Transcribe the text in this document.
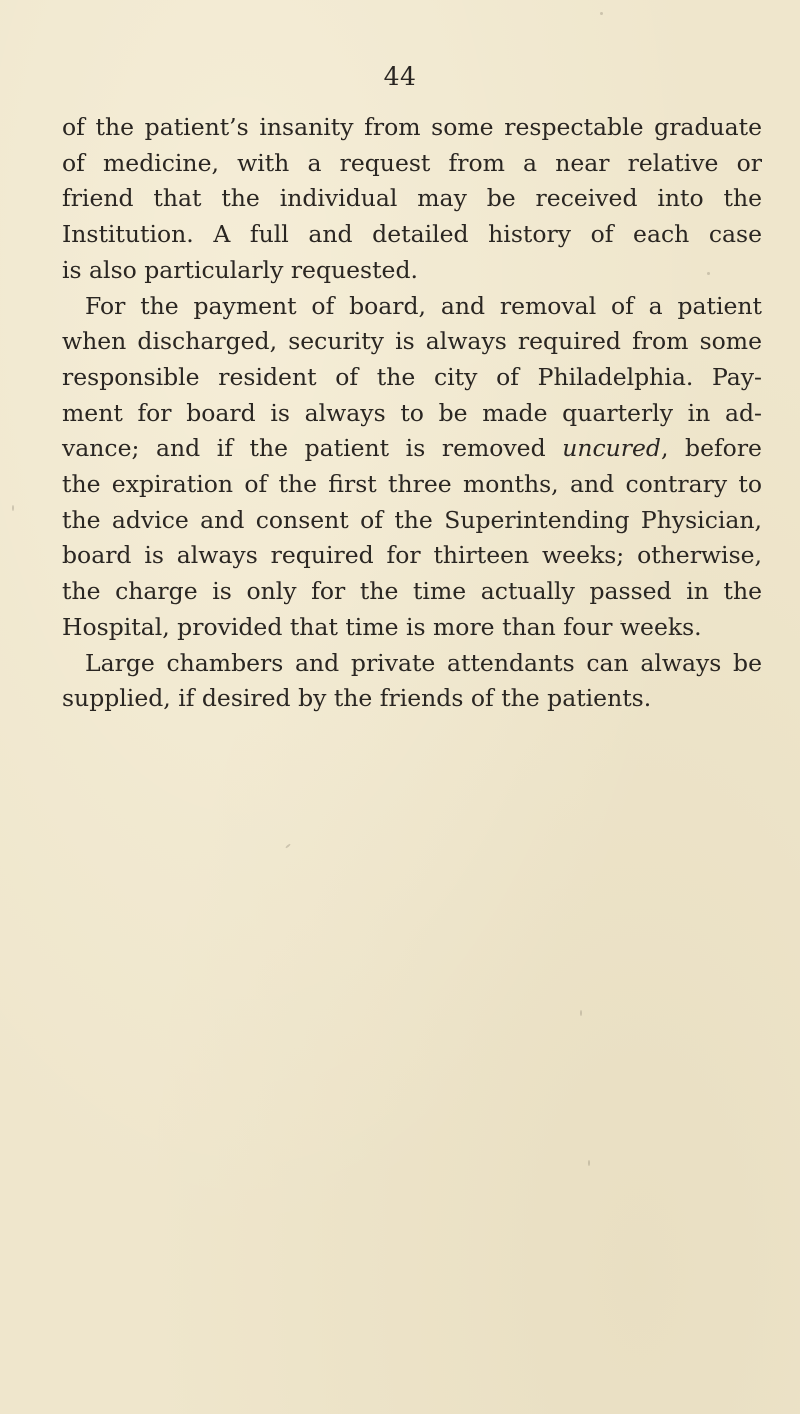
44
of the patient’s insanity from some respectable graduate
of medicine, with a request from a near relative or
friend that the individual may be received into the
Institution. A full and detailed history of each case
is also particularly requested.
For the payment of board, and removal of a patient
when discharged, security is always required from some
responsible resident of the city of Philadelphia. Pay-
ment for board is always to be made quarterly in ad-
vance; and if the patient is removed uncured, before
the expiration of the first three months, and contrary to
the advice and consent of the Superintending Physician,
board is always required for thirteen weeks; otherwise,
the charge is only for the time actually passed in the
Hospital, provided that time is more than four weeks.
Large chambers and private attendants can always be
supplied, if desired by the friends of the patients.
